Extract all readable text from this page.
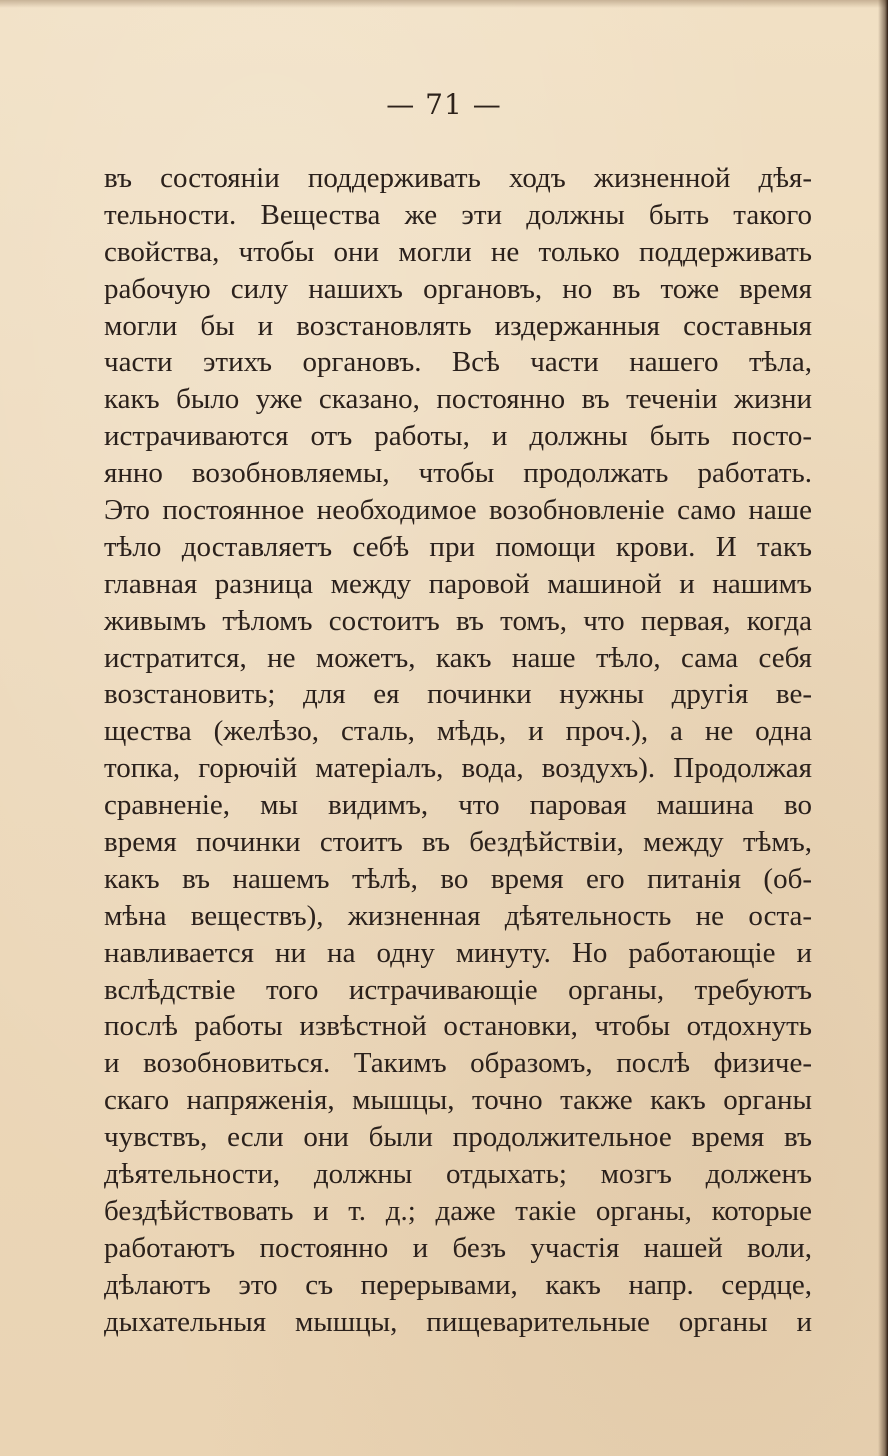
— 71 —
въ состояніи поддерживать ходъ жизненной дѣя-
тельности. Вещества же эти должны быть такого
свойства, чтобы они могли не только поддерживать
рабочую силу нашихъ органовъ, но въ тоже время
могли бы и возстановлять издержанныя составныя
части этихъ органовъ. Всѣ части нашего тѣла,
какъ было уже сказано, постоянно въ теченіи жизни
истрачиваются отъ работы, и должны быть посто-
янно возобновляемы, чтобы продолжать работать.
Это постоянное необходимое возобновленіе само наше
тѣло доставляетъ себѣ при помощи крови. И такъ
главная разница между паровой машиной и нашимъ
живымъ тѣломъ состоитъ въ томъ, что первая, когда
истратится, не можетъ, какъ наше тѣло, сама себя
возстановить; для ея починки нужны другія ве-
щества (желѣзо, сталь, мѣдь, и проч.), а не одна
топка, горючій матеріалъ, вода, воздухъ). Продолжая
сравненіе, мы видимъ, что паровая машина во
время починки стоитъ въ бездѣйствіи, между тѣмъ,
какъ въ нашемъ тѣлѣ, во время его питанія (об-
мѣна веществъ), жизненная дѣятельность не оста-
навливается ни на одну минуту. Но работающіе и
вслѣдствіе того истрачивающіе органы, требуютъ
послѣ работы извѣстной остановки, чтобы отдохнуть
и возобновиться. Такимъ образомъ, послѣ физиче-
скаго напряженія, мышцы, точно также какъ органы
чувствъ, если они были продолжительное время въ
дѣятельности, должны отдыхать; мозгъ долженъ
бездѣйствовать и т. д.; даже такіе органы, которые
работаютъ постоянно и безъ участія нашей воли,
дѣлаютъ это съ перерывами, какъ напр. сердце,
дыхательныя мышцы, пищеварительные органы и
